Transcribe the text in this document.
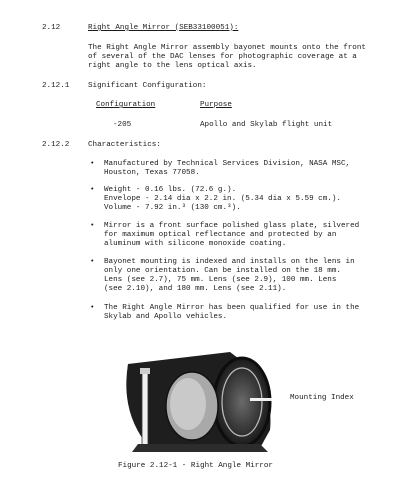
2.12	Right Angle Mirror (SEB33100051):
The Right Angle Mirror assembly bayonet mounts onto the front
of several of the DAC lenses for photographic coverage at a
right angle to the lens optical axis.
2.12.1 Significant Configuration:
Configuration	Purpose
-205	Apollo and Skylab flight unit
2.12.2 Characteristics:
• Manufactured by Technical Services Division, NASA MSC,
Houston, Texas 77058.
• Weight - 0.16 lbs. (72.6 g.).
Envelope - 2.14 dia x 2.2 in. (5.34 dia x 5.59 cm.).
Volume - 7.92 in.³ (130 cm.³).
• Mirror is a front surface polished glass plate, silvered
for maximum optical reflectance and protected by an
aluminum with silicone monoxide coating.
• Bayonet mounting is indexed and installs on the lens in
only one orientation. Can be installed on the 18 mm.
Lens (see 2.7), 75 mm. Lens (see 2.9), 100 mm. Lens
(see 2.10), and 180 mm. Lens (see 2.11).
• The Right Angle Mirror has been qualified for use in the
Skylab and Apollo vehicles.
Mounting Index
Figure 2.12-1 - Right Angle Mirror
